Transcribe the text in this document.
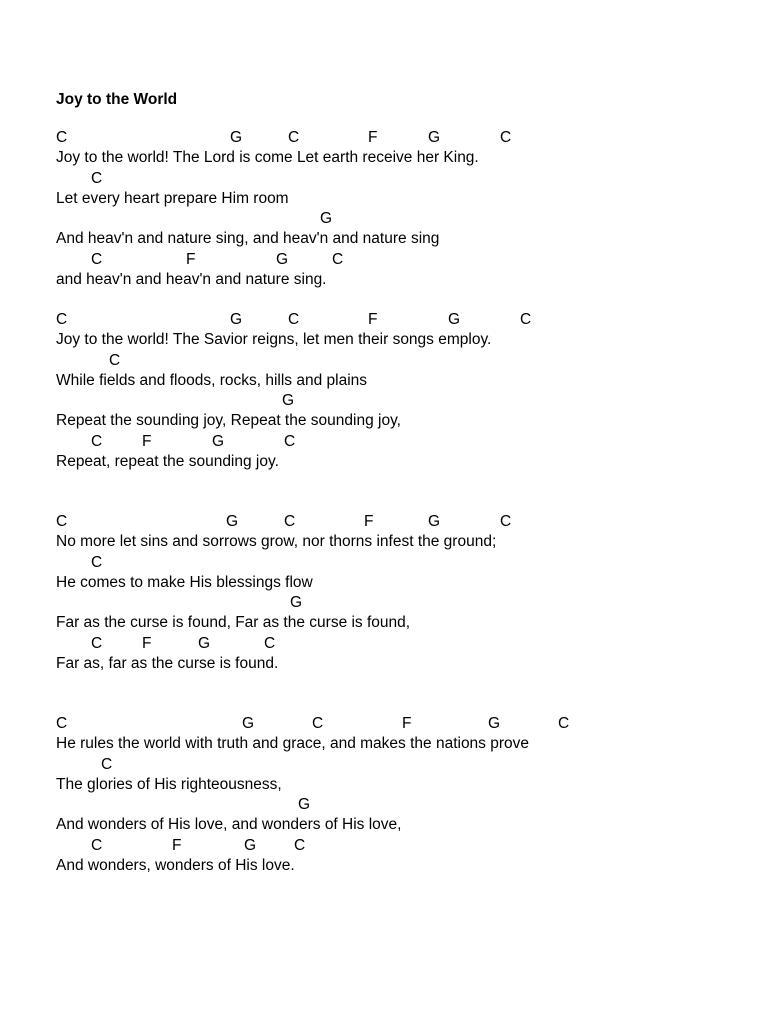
Joy to the World
C	G	C	F	G	C
Joy to the world! The Lord is come Let earth receive her King.
C
Let every heart prepare Him room
G
And heav'n and nature sing, and heav'n and nature sing
C	F	G	C
and heav'n and heav'n and nature sing.
C	G	C	F	G	C
Joy to the world! The Savior reigns, let men their songs employ.
C
While fields and floods, rocks, hills and plains
G
Repeat the sounding joy, Repeat the sounding joy,
C	F	G	C
Repeat, repeat the sounding joy.
C	G	C	F	G	C
No more let sins and sorrows grow, nor thorns infest the ground;
C
He comes to make His blessings flow
G
Far as the curse is found, Far as the curse is found,
C	F	G	C
Far as, far as the curse is found.
C	G	C	F	G	C
He rules the world with truth and grace, and makes the nations prove
C
The glories of His righteousness,
G
And wonders of His love, and wonders of His love,
C	F	G C
And wonders, wonders of His love.
